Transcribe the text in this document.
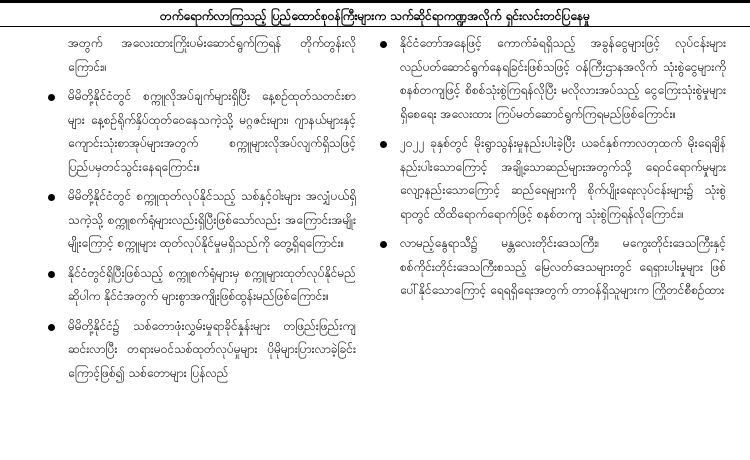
တက်ရောက်လာကြသည့် ပြည်ထောင်စုဝန်ကြီးများက သက်ဆိုင်ရာကဏ္ဍအလိုက် ရှင်းလင်းတင်ပြနေမှု
အတွက် အလေးထားကြိုးပမ်းဆောင်ရွက်ကြရန် တိုက်တွန်းလိုကြောင်း။
မိမိတို့နိုင်ငံတွင် စက္ကူလိုအပ်ချက်များရှိပြီး နေ့စဉ်ထုတ်သတင်းစာများ နေ့စဉ်ရိုက်နှိပ်ထုတ်ဝေနေသကဲ့သို့ မဂ္ဂဇင်းများ၊ ဂျာနယ်များနှင့် ကျောင်းသုံးစာအုပ်များအတွက် စက္ကူများလိုအပ်လျက်ရှိသဖြင့် ပြည်ပမှတင်သွင်းနေရကြောင်း။
မိမိတို့နိုင်ငံတွင် စက္ကူထုတ်လုပ်နိုင်သည့် သစ်နှင့်ဝါးများ အလျှံပယ်ရှိသကဲ့သို့ စက္ကူစက်ရုံများလည်းရှိပြီးဖြစ်သော်လည်း အကြောင်းအမျိုးမျိုးကြောင့် စက္ကူများ ထုတ်လုပ်နိုင်မှုမရှိသည်ကို တွေ့ရှိရကြောင်း။
နိုင်ငံတွင်ရှိပြီးဖြစ်သည့် စက္ကူစက်ရုံများမှ စက္ကူများထုတ်လုပ်နိုင်မည်ဆိုပါက နိုင်ငံအတွက် များစွာအကျိုးဖြစ်ထွန်းမည်ဖြစ်ကြောင်း။
မိမိတို့နိုင်ငံ၌ သစ်တောဖုံးလွှမ်းမှုရာခိုင်နှုန်းများ တဖြည်းဖြည်းကျဆင်းလာပြီး တရားမဝင်သစ်ထုတ်လုပ်မှုများ ပိုမိုများပြားလာခဲ့ခြင်းကြောင့်ဖြစ်၍ သစ်တောများ ပြန်လည်
နိုင်ငံတော်အနေဖြင့် ကောက်ခံရရှိသည့် အခွန်ငွေများဖြင့် လုပ်ငန်းများလည်ပတ်ဆောင်ရွက်နေရခြင်းဖြစ်သဖြင့် ဝန်ကြီးဌာနအလိုက် သုံးစွဲငွေများကို စနစ်တကျဖြင့် စိစစ်သုံးစွဲကြရန်လိုပြီး မလိုလားအပ်သည့် ငွေကြေးသုံးစွဲမှုများရှိစေရေး အလေးထား ကြပ်မတ်ဆောင်ရွက်ကြရမည်ဖြစ်ကြောင်း။
၂၀၂၂ ခုနှစ်တွင် မိုးရွာသွန်းမှုနည်းပါးခဲ့ပြီး ယခင်နှစ်ကာလတုထက် မိုးရေချိန်နည်းပါးသောကြောင့် အချို့သောဆည်များအတွက်သို့ ရေဝင်ရောက်မှုများ လျော့နည်းသောကြောင့် ဆည်ရေများကို စိုက်ပျိုးရေးလုပ်ငန်းများ၌ သုံးစွဲရာတွင် ထိထိရောက်ရောက်ဖြင့် စနစ်တကျ သုံးစွဲကြရန်လိုကြောင်း။
လာမည့်နွေရာသီ၌ မန္တလေးတိုင်းဒေသကြီး၊ မကွေးတိုင်းဒေသကြီးနှင့် စစ်ကိုင်းတိုင်းဒေသကြီးစသည့် မြေလတ်ဒေသများတွင် ရေရှားပါးမှုများ ဖြစ်ပေါ်နိုင်သောကြောင့် ရေရရှိရေးအတွက် တာဝန်ရှိသူများက ကြိုတင်စီစဉ်ထား
